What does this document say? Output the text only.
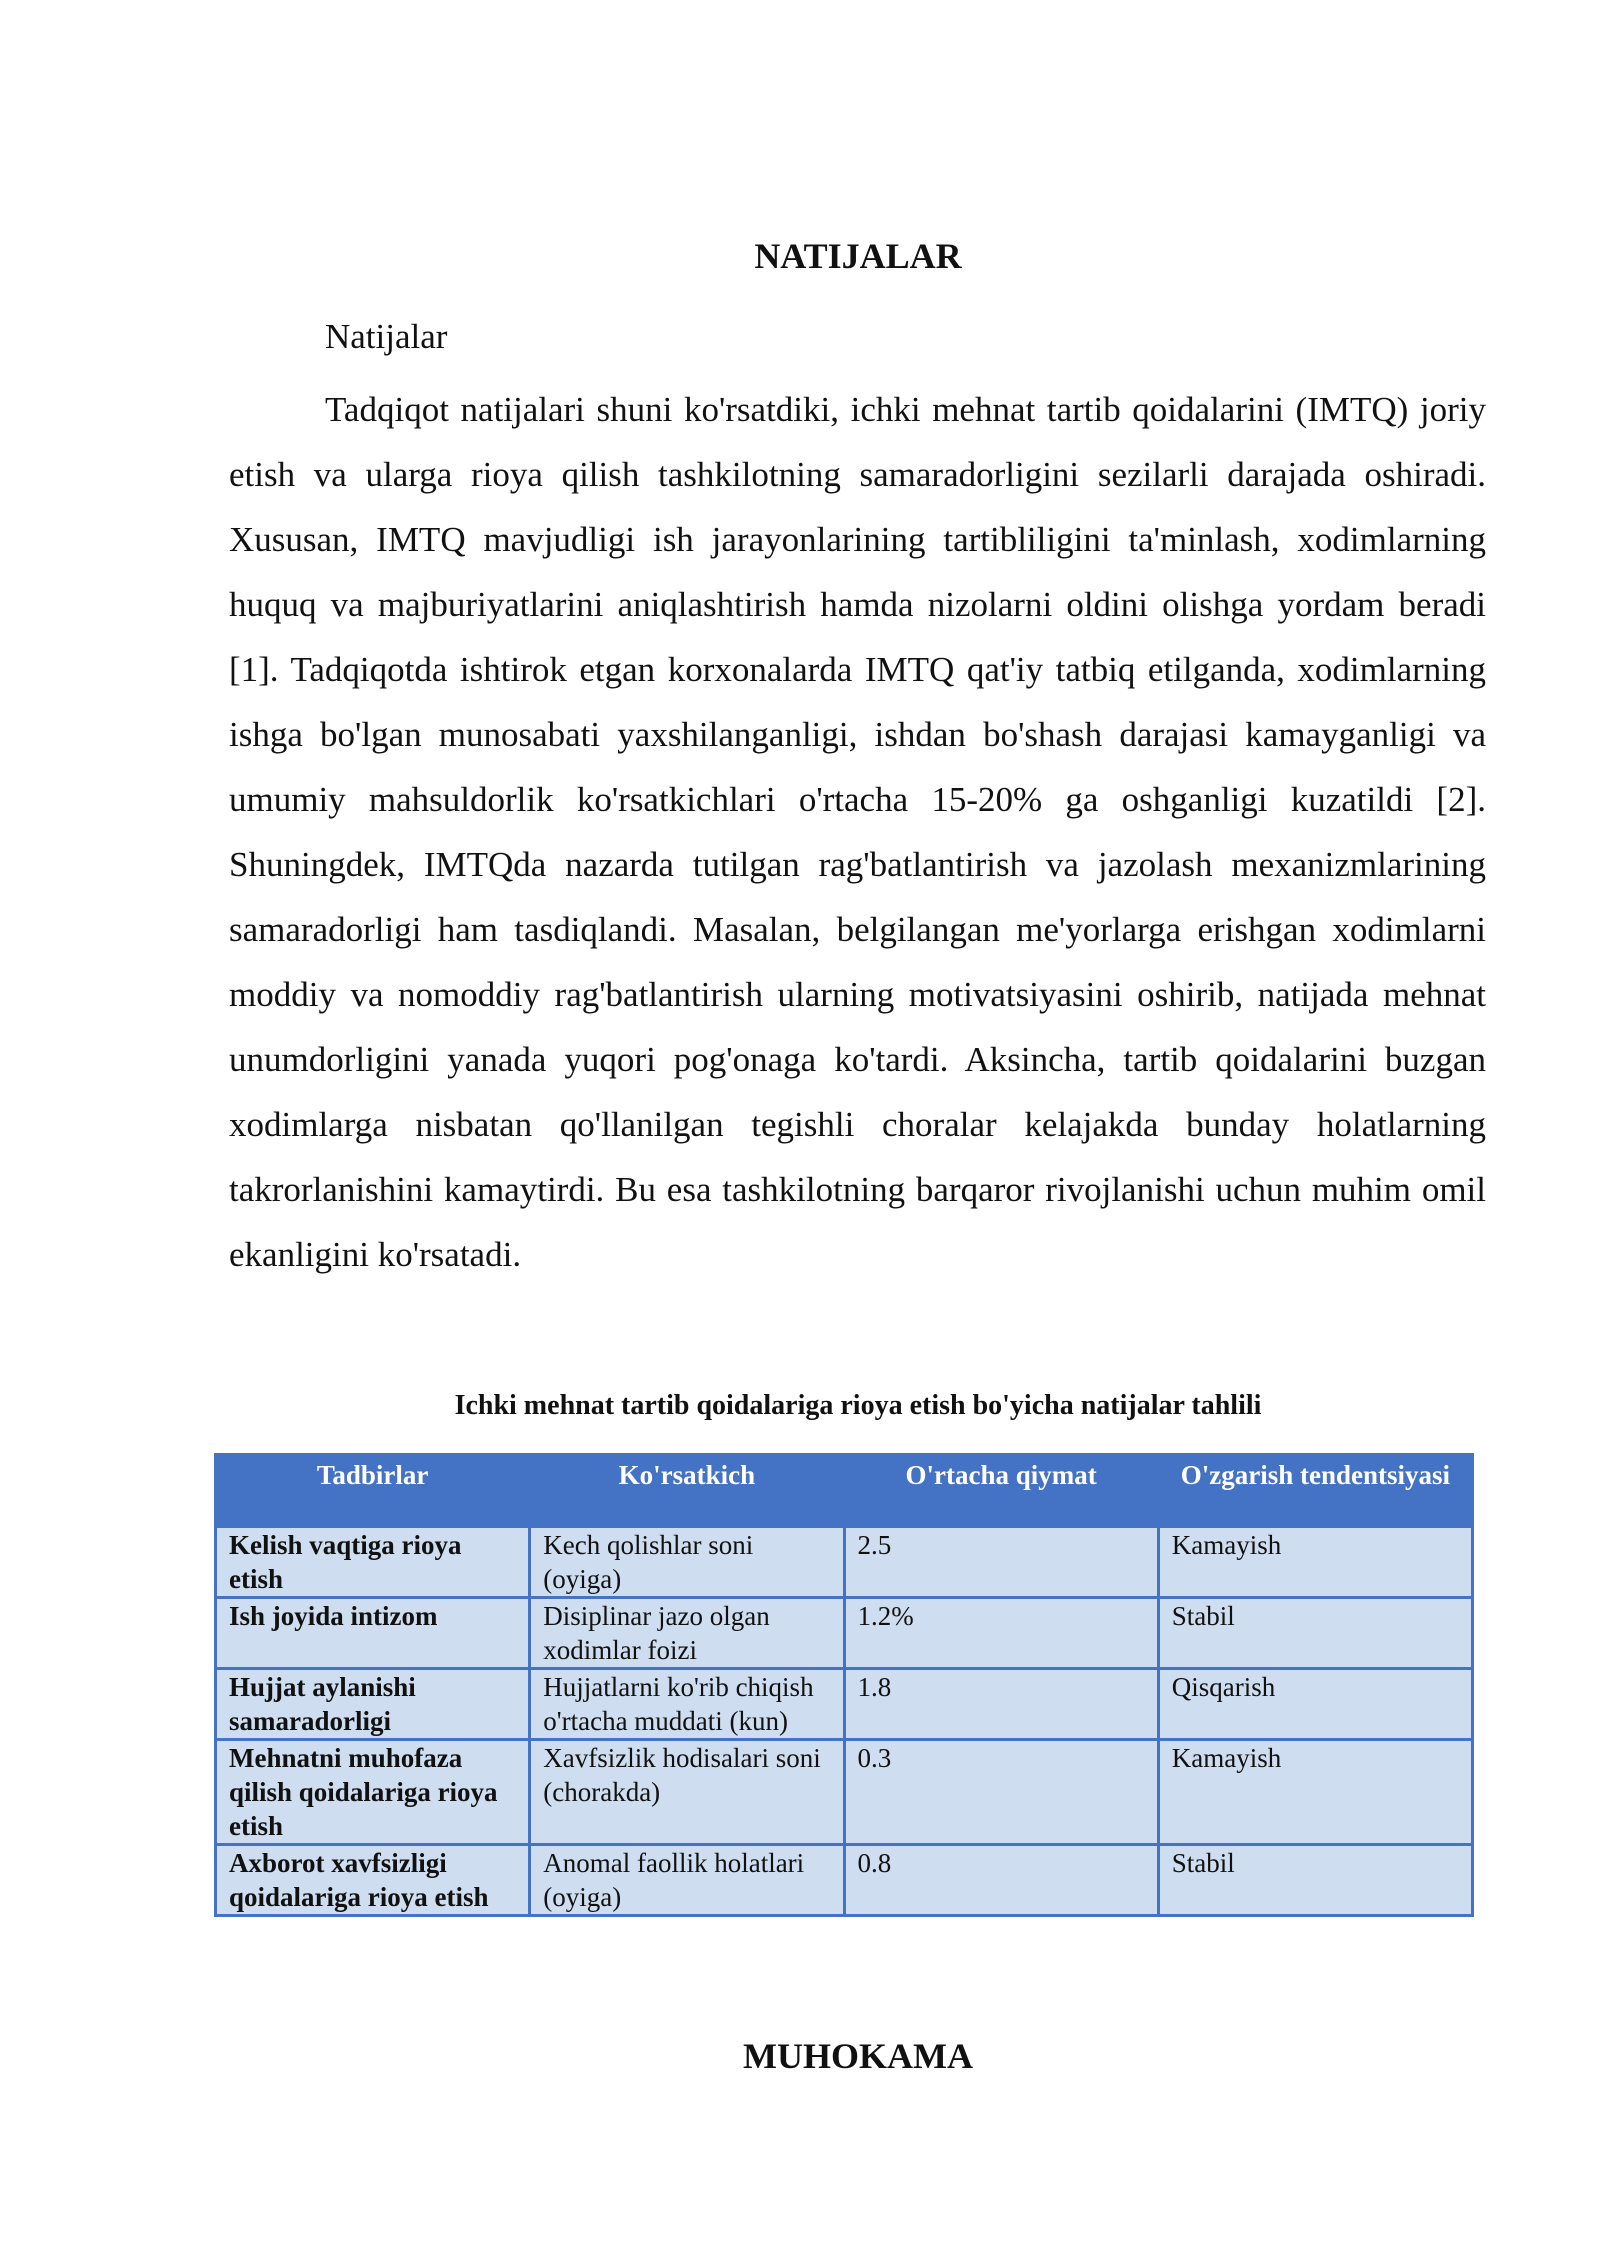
NATIJALAR

Natijalar

Tadqiqot natijalari shuni ko'rsatdiki, ichki mehnat tartib qoidalarini (IMTQ) joriy etish va ularga rioya qilish tashkilotning samaradorligini sezilarli darajada oshiradi. Xususan, IMTQ mavjudligi ish jarayonlarining tartibliligini ta'minlash, xodimlarning huquq va majburiyatlarini aniqlashtirish hamda nizolarni oldini olishga yordam beradi [1]. Tadqiqotda ishtirok etgan korxonalarda IMTQ qat'iy tatbiq etilganda, xodimlarning ishga bo'lgan munosabati yaxshilanganligi, ishdan bo'shash darajasi kamayganligi va umumiy mahsuldorlik ko'rsatkichlari o'rtacha 15-20% ga oshganligi kuzatildi [2]. Shuningdek, IMTQda nazarda tutilgan rag'batlantirish va jazolash mexanizmlarining samaradorligi ham tasdiqlandi. Masalan, belgilangan me'yorlarga erishgan xodimlarni moddiy va nomoddiy rag'batlantirish ularning motivatsiyasini oshirib, natijada mehnat unumdorligini yanada yuqori pog'onaga ko'tardi. Aksincha, tartib qoidalarini buzgan xodimlarga nisbatan qo'llanilgan tegishli choralar kelajakda bunday holatlarning takrorlanishini kamaytirdi. Bu esa tashkilotning barqaror rivojlanishi uchun muhim omil ekanligini ko'rsatadi.

Ichki mehnat tartib qoidalariga rioya etish bo'yicha natijalar tahlili

Tadbirlar	Ko'rsatkich	O'rtacha qiymat	O'zgarish tendentsiyasi
Kelish vaqtiga rioya etish	Kech qolishlar soni (oyiga)	2.5	Kamayish
Ish joyida intizom	Disiplinar jazo olgan xodimlar foizi	1.2%	Stabil
Hujjat aylanishi samaradorligi	Hujjatlarni ko'rib chiqish o'rtacha muddati (kun)	1.8	Qisqarish
Mehnatni muhofaza qilish qoidalariga rioya etish	Xavfsizlik hodisalari soni (chorakda)	0.3	Kamayish
Axborot xavfsizligi qoidalariga rioya etish	Anomal faollik holatlari (oyiga)	0.8	Stabil
MUHOKAMA
